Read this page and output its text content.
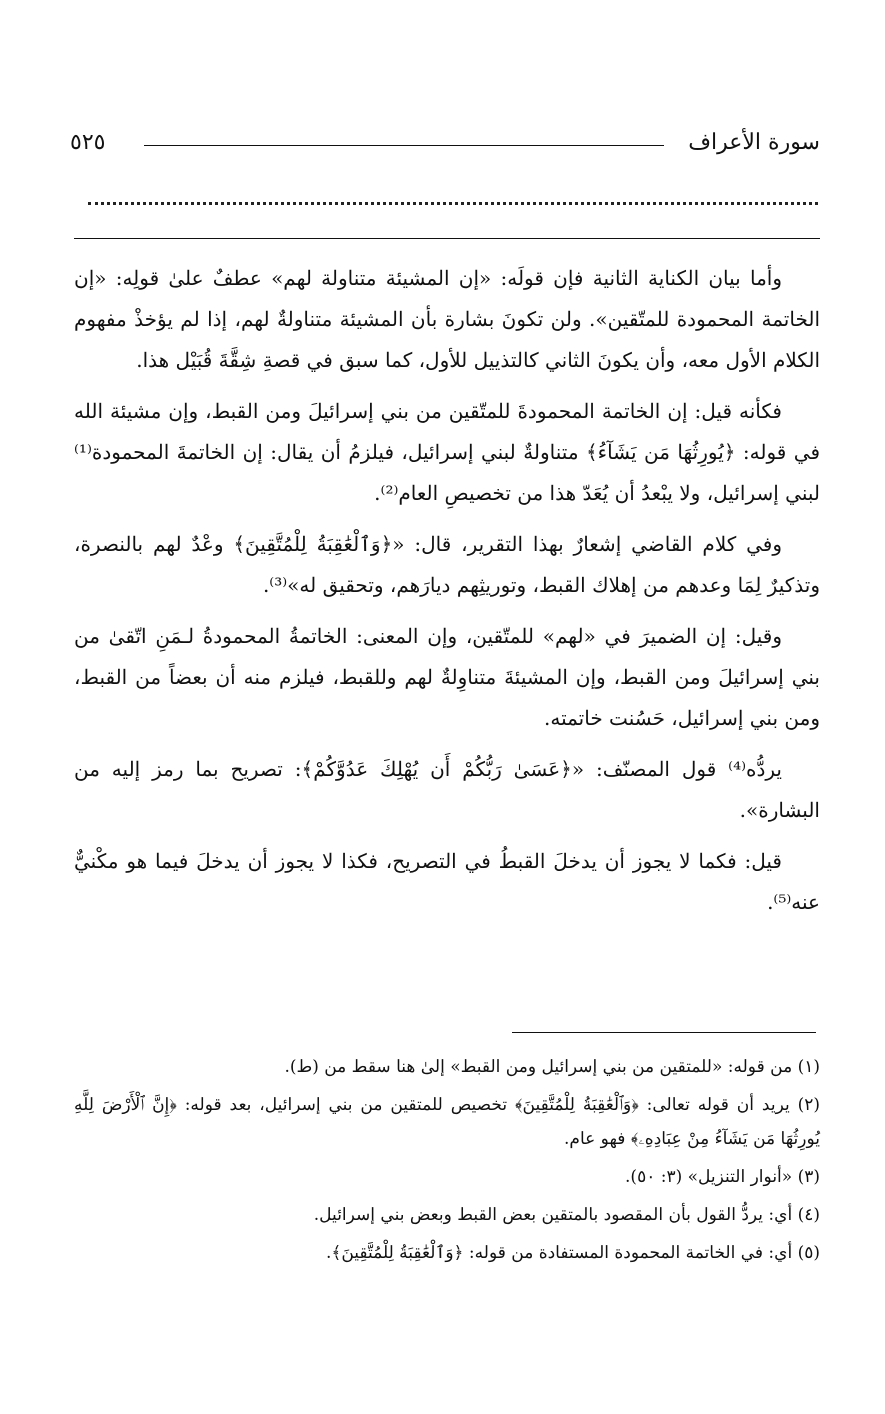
٥٢٥	سورة الأعراف

وأما بيان الكناية الثانية فإن قولَه: «إن المشيئة متناولة لهم» عطفٌ علىٰ قولِه: «إن الخاتمة المحمودة للمتّقين». ولن تكونَ بشارة بأن المشيئة متناولةٌ لهم، إذا لم يؤخذْ مفهوم الكلام الأول معه، وأن يكونَ الثاني كالتذييل للأول، كما سبق في قصةِ شِقَّةَ قُبَيْل هذا.

فكأنه قيل: إن الخاتمة المحمودةَ للمتّقين من بني إسرائيلَ ومن القبط، وإن مشيئة الله في قوله: ﴿يُورِثُهَا مَن يَشَآءُ﴾ متناولةٌ لبني إسرائيل، فيلزمُ أن يقال: إن الخاتمةَ المحمودة⁽¹⁾ لبني إسرائيل، ولا يبْعدُ أن يُعَدّ هذا من تخصيصِ العام⁽²⁾.

وفي كلام القاضي إشعارٌ بهذا التقرير، قال: «﴿وَٱلْعَٰقِبَةُ لِلْمُتَّقِينَ﴾ وعْدٌ لهم بالنصرة، وتذكيرٌ لِمَا وعدهم من إهلاك القبط، وتوريثِهم ديارَهم، وتحقيق له»⁽³⁾.

وقيل: إن الضميرَ في «لهم» للمتّقين، وإن المعنى: الخاتمةُ المحمودةُ لـمَنِ اتّقىٰ من بني إسرائيلَ ومن القبط، وإن المشيئةَ متناوِلةٌ لهم وللقبط، فيلزم منه أن بعضاً من القبط، ومن بني إسرائيل، حَسُنت خاتمته.

يردُّه⁽⁴⁾ قول المصنّف: «﴿عَسَىٰ رَبُّكُمْ أَن يُهْلِكَ عَدُوَّكُمْ﴾: تصريح بما رمز إليه من البشارة».

قيل: فكما لا يجوز أن يدخلَ القبطُ في التصريح، فكذا لا يجوز أن يدخلَ فيما هو مكْنيٌّ عنه⁽⁵⁾.

(١) من قوله: «للمتقين من بني إسرائيل ومن القبط» إلىٰ هنا سقط من (ط).

(٢) يريد أن قوله تعالى: ﴿وَٱلْعَٰقِبَةُ لِلْمُتَّقِينَ﴾ تخصيص للمتقين من بني إسرائيل، بعد قوله: ﴿إِنَّ ٱلْأَرْضَ لِلَّهِ يُورِثُهَا مَن يَشَآءُ مِنْ عِبَادِهِۦ﴾ فهو عام.

(٣) «أنوار التنزيل» (٣: ٥٠).

(٤) أي: يردُّ القول بأن المقصود بالمتقين بعض القبط وبعض بني إسرائيل.

(٥) أي: في الخاتمة المحمودة المستفادة من قوله: ﴿وَٱلْعَٰقِبَةُ لِلْمُتَّقِينَ﴾.
